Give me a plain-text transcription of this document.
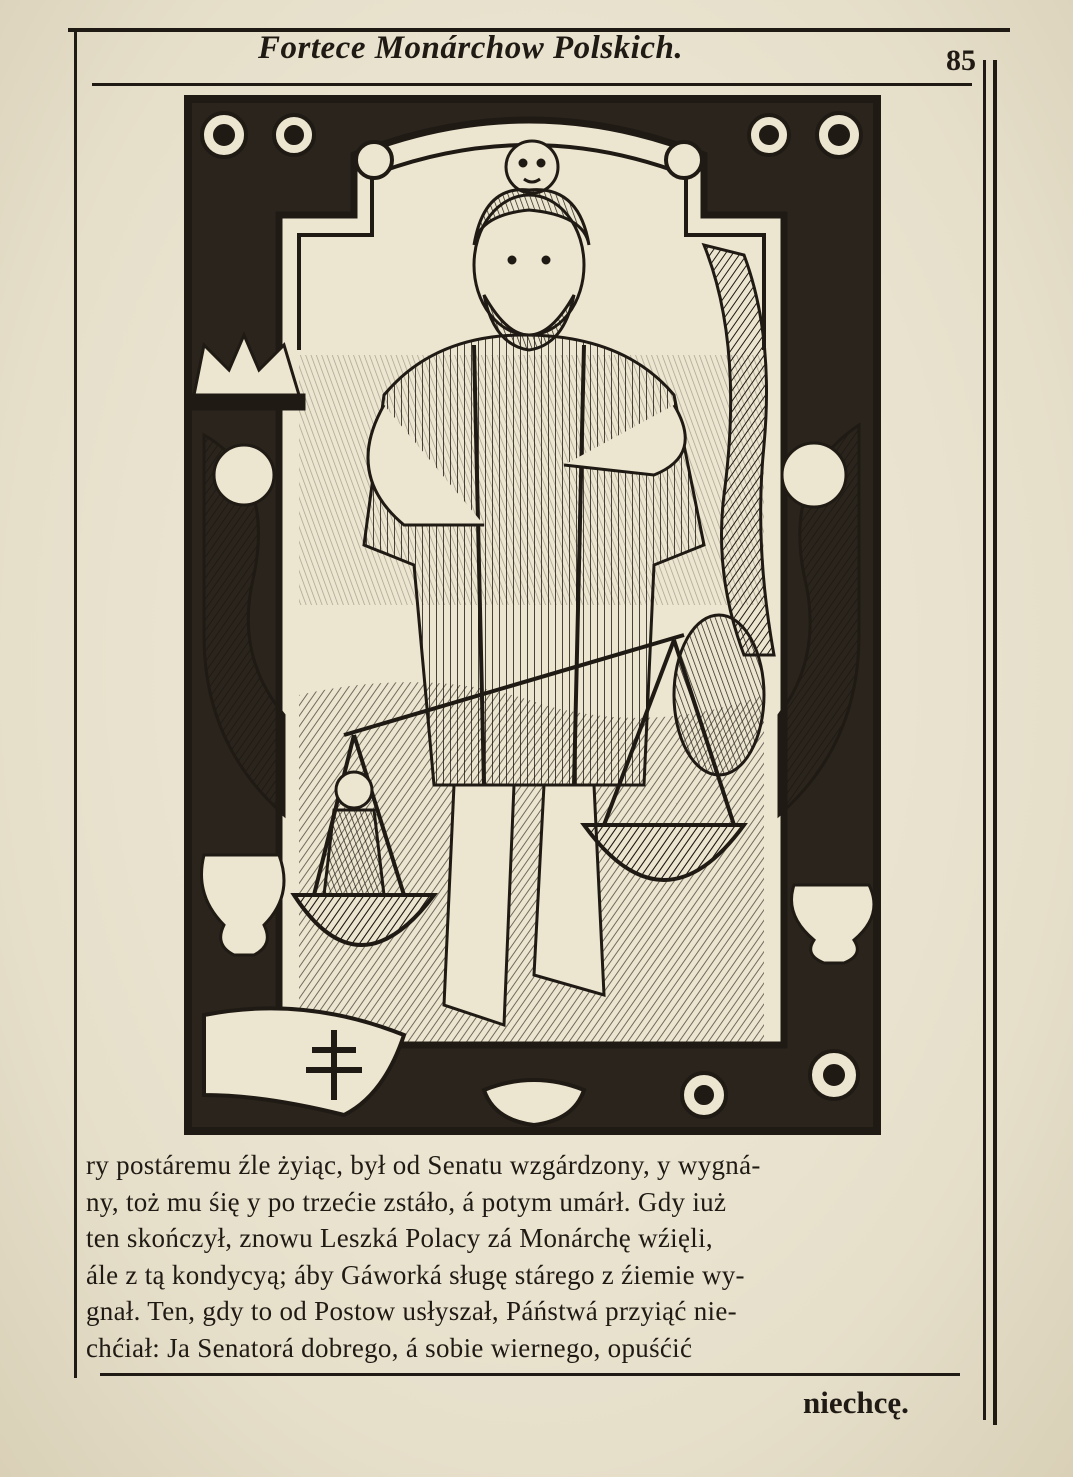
Fortece Monárchow Polskich.	85
ry postáremu źle żyiąc, był od Senatu wzgárdzony, y wygná-
ny, toż mu śię y po trzećie zstáło, á potym umárł. Gdy iuż
ten skończył, znowu Leszká Polacy zá Monárchę wźięli,
ále z tą kondycyą; áby Gáworká sługę stárego z źiemie wy-
gnał. Ten, gdy to od Postow usłyszał, Páństwá przyiąć nie-
chćiał: Ja Senatorá dobrego, á sobie wiernego, opuśćić
niechcę.
